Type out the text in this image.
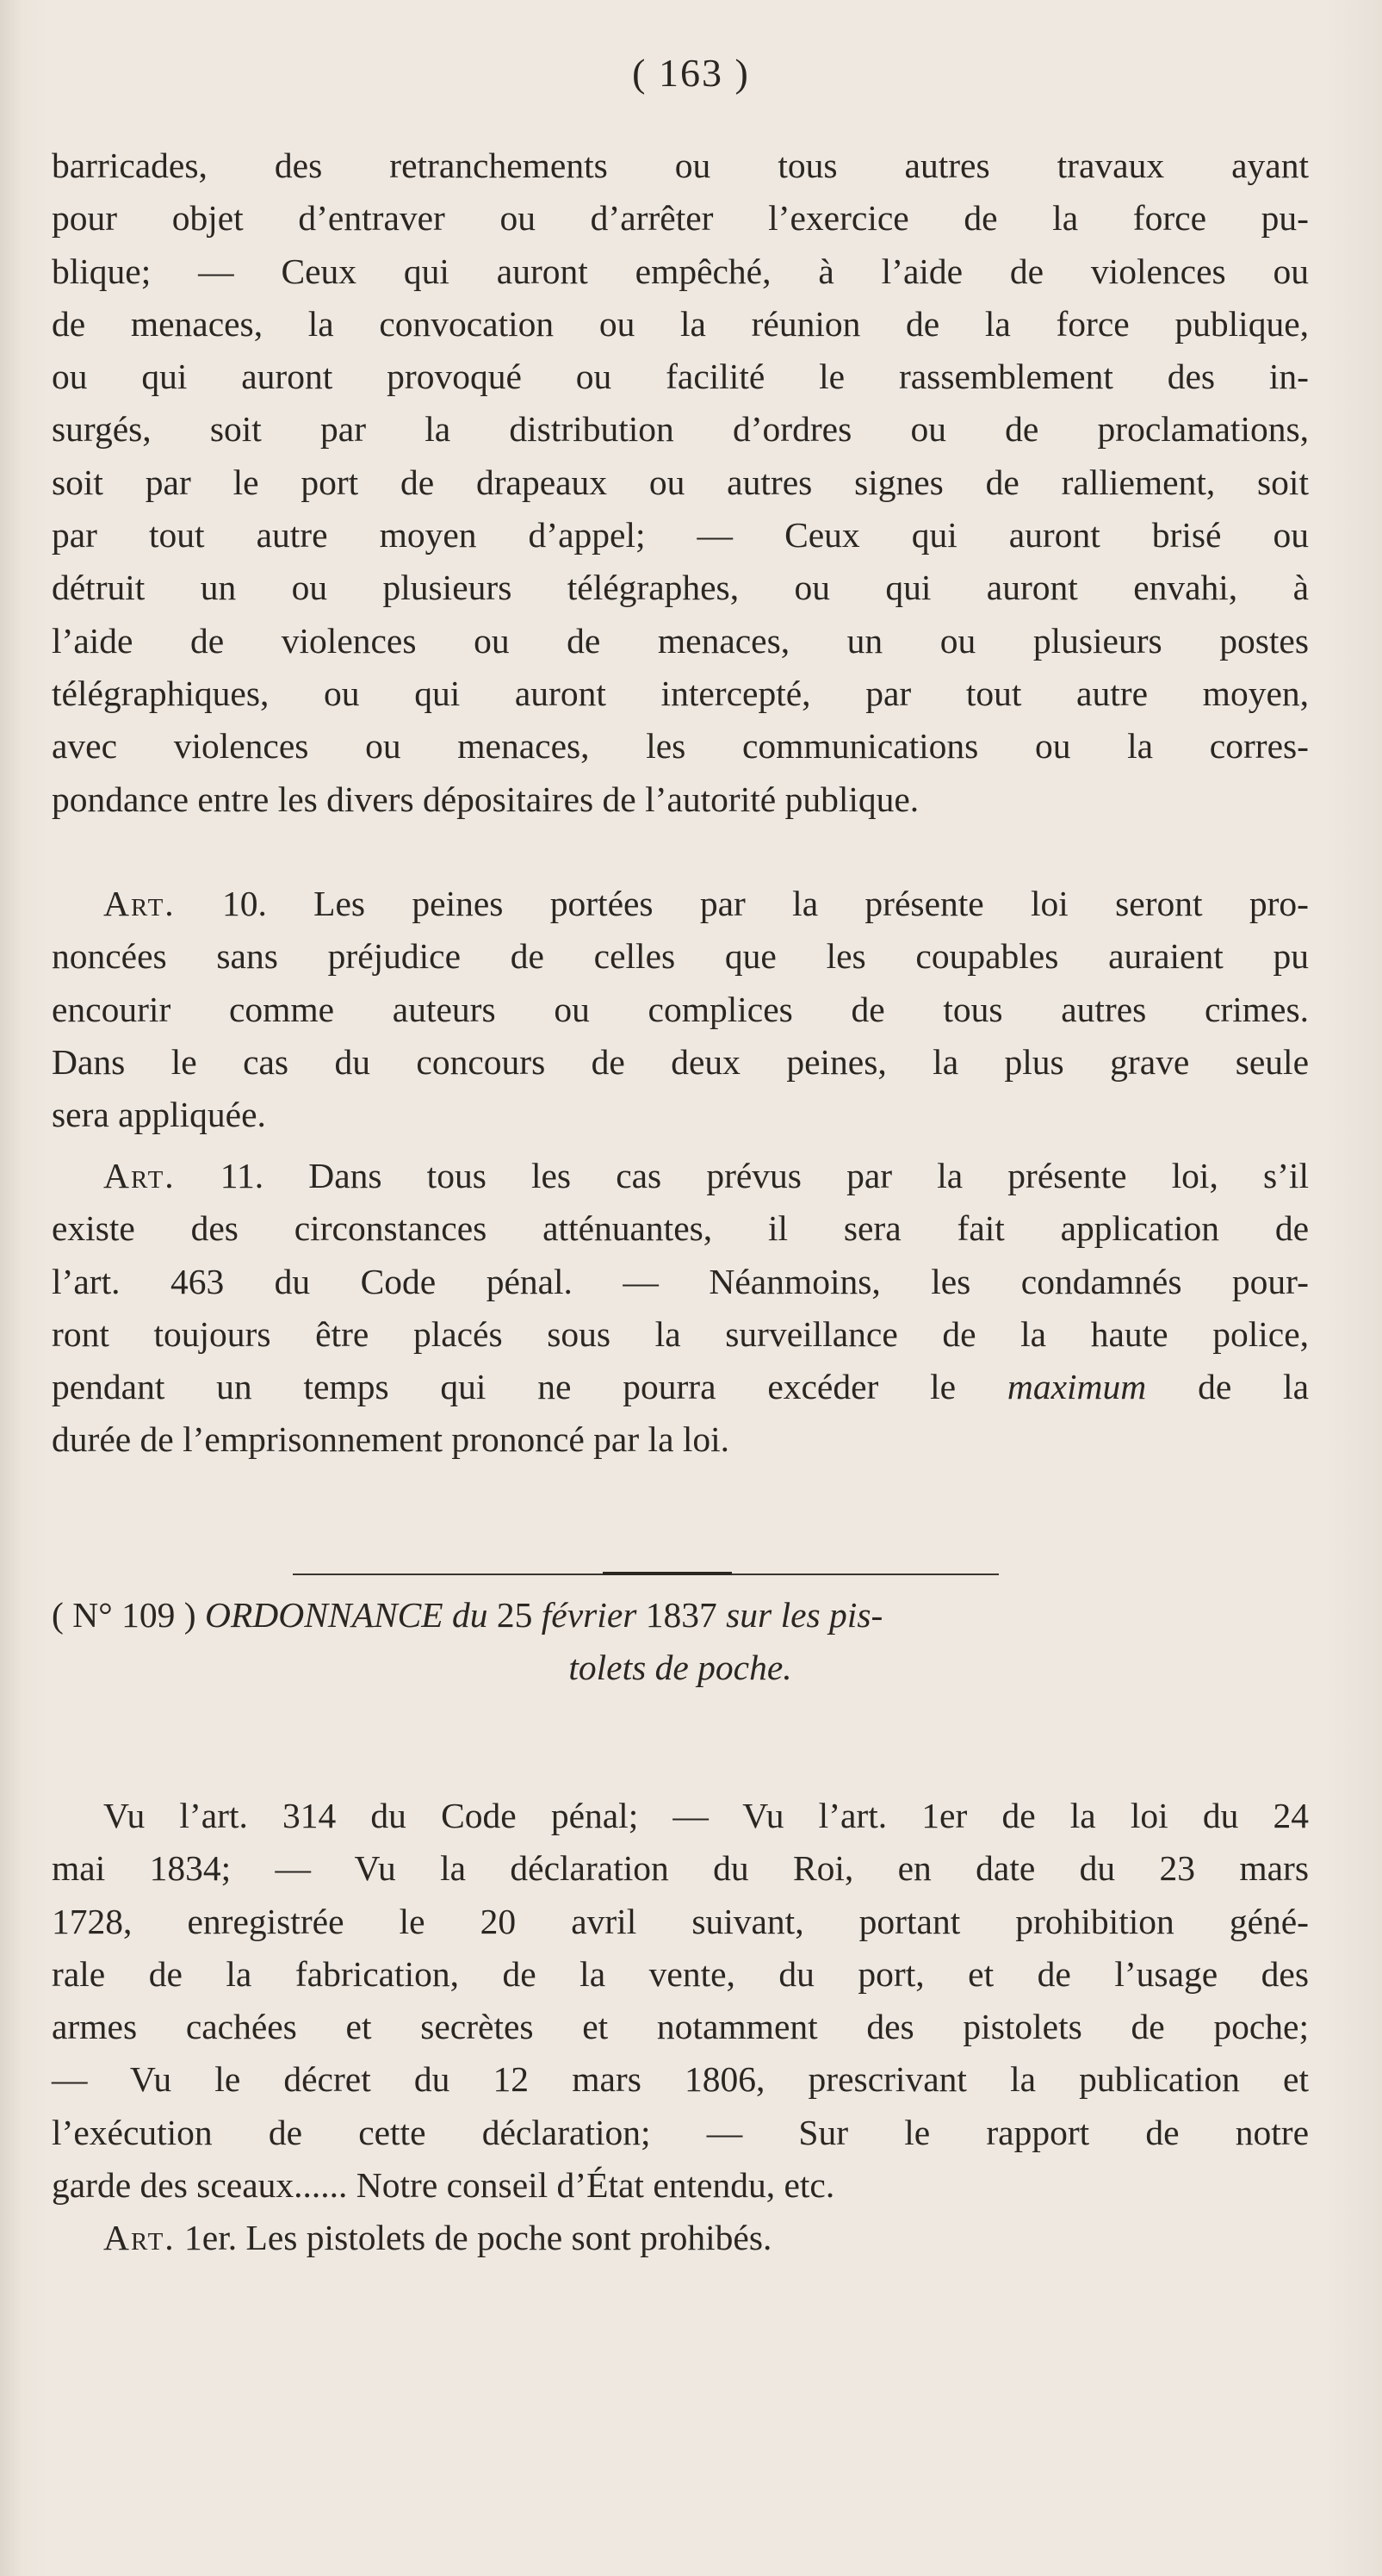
( 163 )
barricades, des retranchements ou tous autres travaux ayant
pour objet d’entraver ou d’arrêter l’exercice de la force pu-
blique; — Ceux qui auront empêché, à l’aide de violences ou
de menaces, la convocation ou la réunion de la force publique,
ou qui auront provoqué ou facilité le rassemblement des in-
surgés, soit par la distribution d’ordres ou de proclamations,
soit par le port de drapeaux ou autres signes de ralliement, soit
par tout autre moyen d’appel; — Ceux qui auront brisé ou
détruit un ou plusieurs télégraphes, ou qui auront envahi, à
l’aide de violences ou de menaces, un ou plusieurs postes
télégraphiques, ou qui auront intercepté, par tout autre moyen,
avec violences ou menaces, les communications ou la corres-
pondance entre les divers dépositaires de l’autorité publique.
Art. 10. Les peines portées par la présente loi seront pro-
noncées sans préjudice de celles que les coupables auraient pu
encourir comme auteurs ou complices de tous autres crimes.
Dans le cas du concours de deux peines, la plus grave seule
sera appliquée.
Art. 11. Dans tous les cas prévus par la présente loi, s’il
existe des circonstances atténuantes, il sera fait application de
l’art. 463 du Code pénal. — Néanmoins, les condamnés pour-
ront toujours être placés sous la surveillance de la haute police,
pendant un temps qui ne pourra excéder le maximum de la
durée de l’emprisonnement prononcé par la loi.
( N° 109 ) ORDONNANCE du 25 février 1837 sur les pis-
tolets de poche.
Vu l’art. 314 du Code pénal; — Vu l’art. 1er de la loi du 24
mai 1834; — Vu la déclaration du Roi, en date du 23 mars
1728, enregistrée le 20 avril suivant, portant prohibition géné-
rale de la fabrication, de la vente, du port, et de l’usage des
armes cachées et secrètes et notamment des pistolets de poche;
— Vu le décret du 12 mars 1806, prescrivant la publication et
l’exécution de cette déclaration; — Sur le rapport de notre
garde des sceaux...... Notre conseil d’État entendu, etc.
Art. 1er. Les pistolets de poche sont prohibés.
